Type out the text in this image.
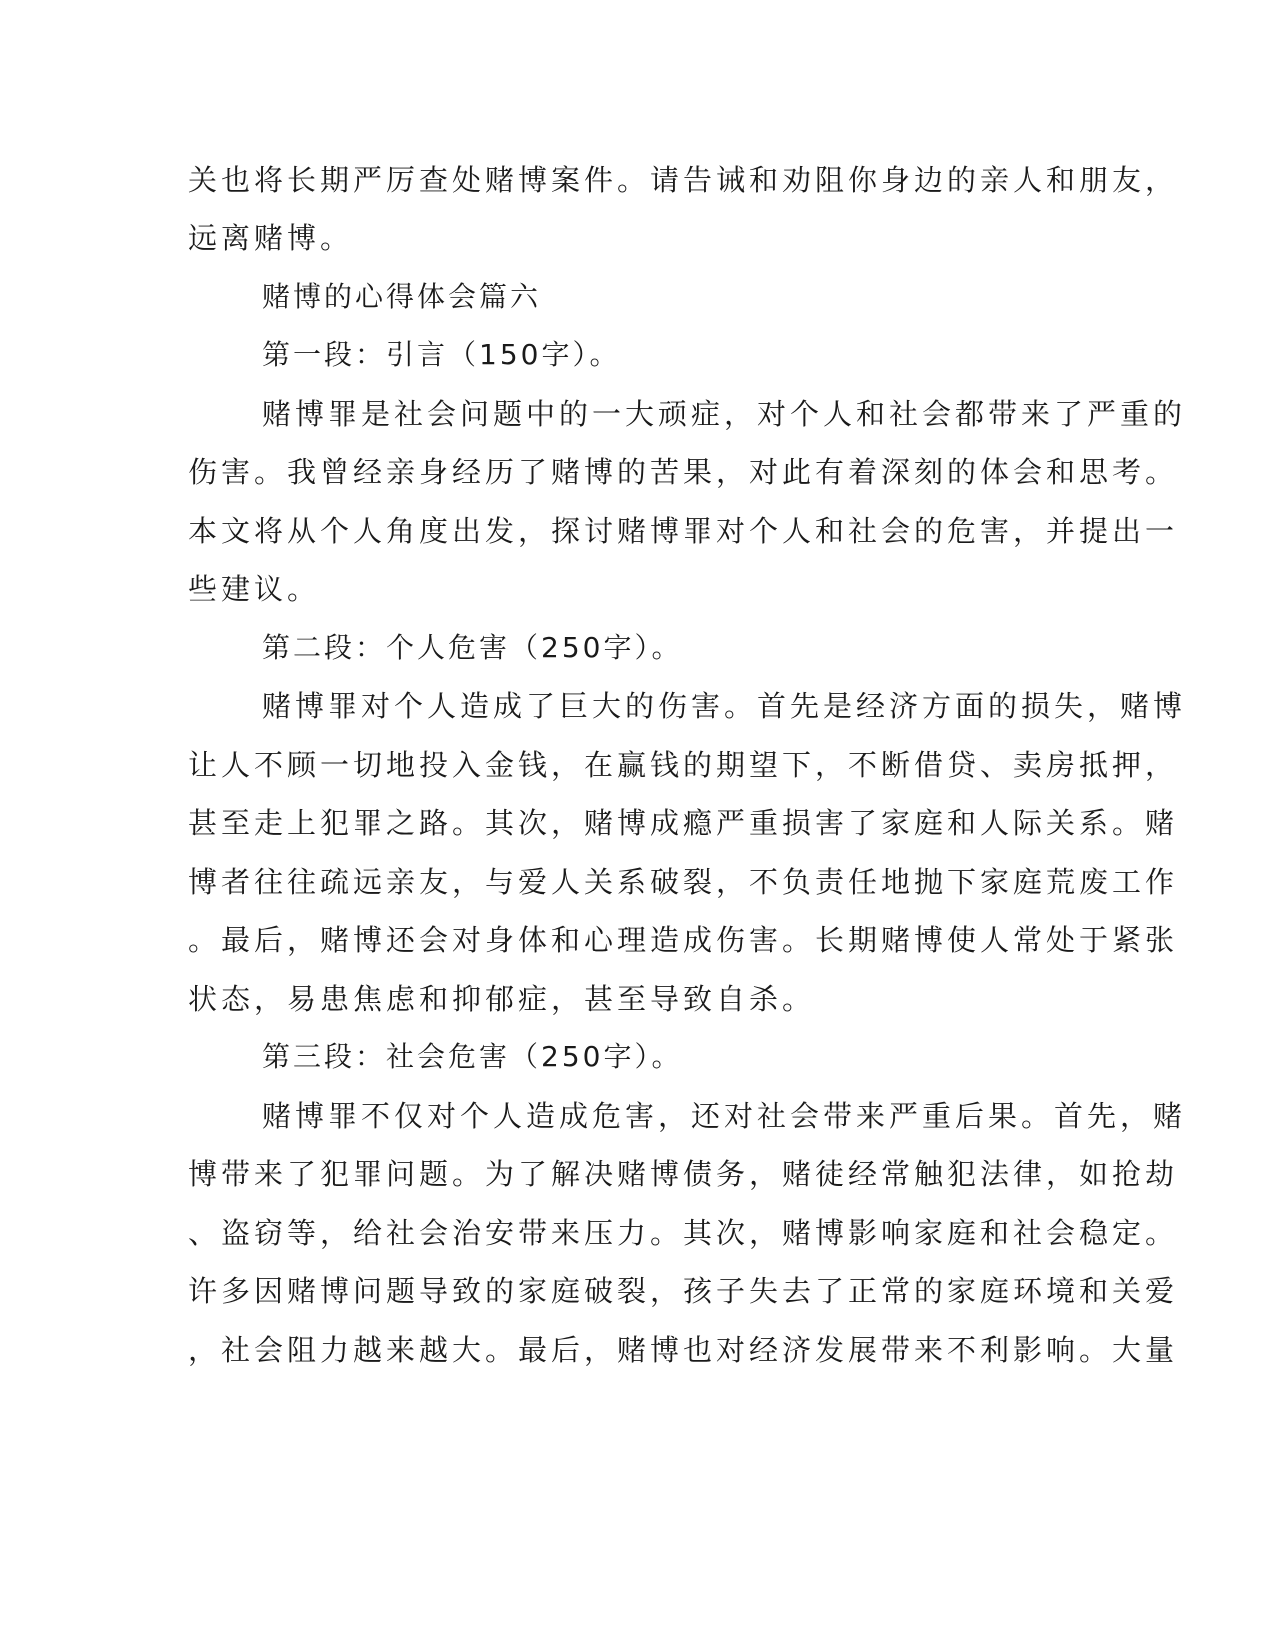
关也将长期严厉查处赌博案件。请告诫和劝阻你身边的亲人和朋友，
远离赌博。
赌博的心得体会篇六
第一段：引言（150字）。
赌博罪是社会问题中的一大顽症，对个人和社会都带来了严重的
伤害。我曾经亲身经历了赌博的苦果，对此有着深刻的体会和思考。
本文将从个人角度出发，探讨赌博罪对个人和社会的危害，并提出一
些建议。
第二段：个人危害（250字）。
赌博罪对个人造成了巨大的伤害。首先是经济方面的损失，赌博
让人不顾一切地投入金钱，在赢钱的期望下，不断借贷、卖房抵押，
甚至走上犯罪之路。其次，赌博成瘾严重损害了家庭和人际关系。赌
博者往往疏远亲友，与爱人关系破裂，不负责任地抛下家庭荒废工作
。最后，赌博还会对身体和心理造成伤害。长期赌博使人常处于紧张
状态，易患焦虑和抑郁症，甚至导致自杀。
第三段：社会危害（250字）。
赌博罪不仅对个人造成危害，还对社会带来严重后果。首先，赌
博带来了犯罪问题。为了解决赌博债务，赌徒经常触犯法律，如抢劫
、盗窃等，给社会治安带来压力。其次，赌博影响家庭和社会稳定。
许多因赌博问题导致的家庭破裂，孩子失去了正常的家庭环境和关爱
，社会阻力越来越大。最后，赌博也对经济发展带来不利影响。大量
